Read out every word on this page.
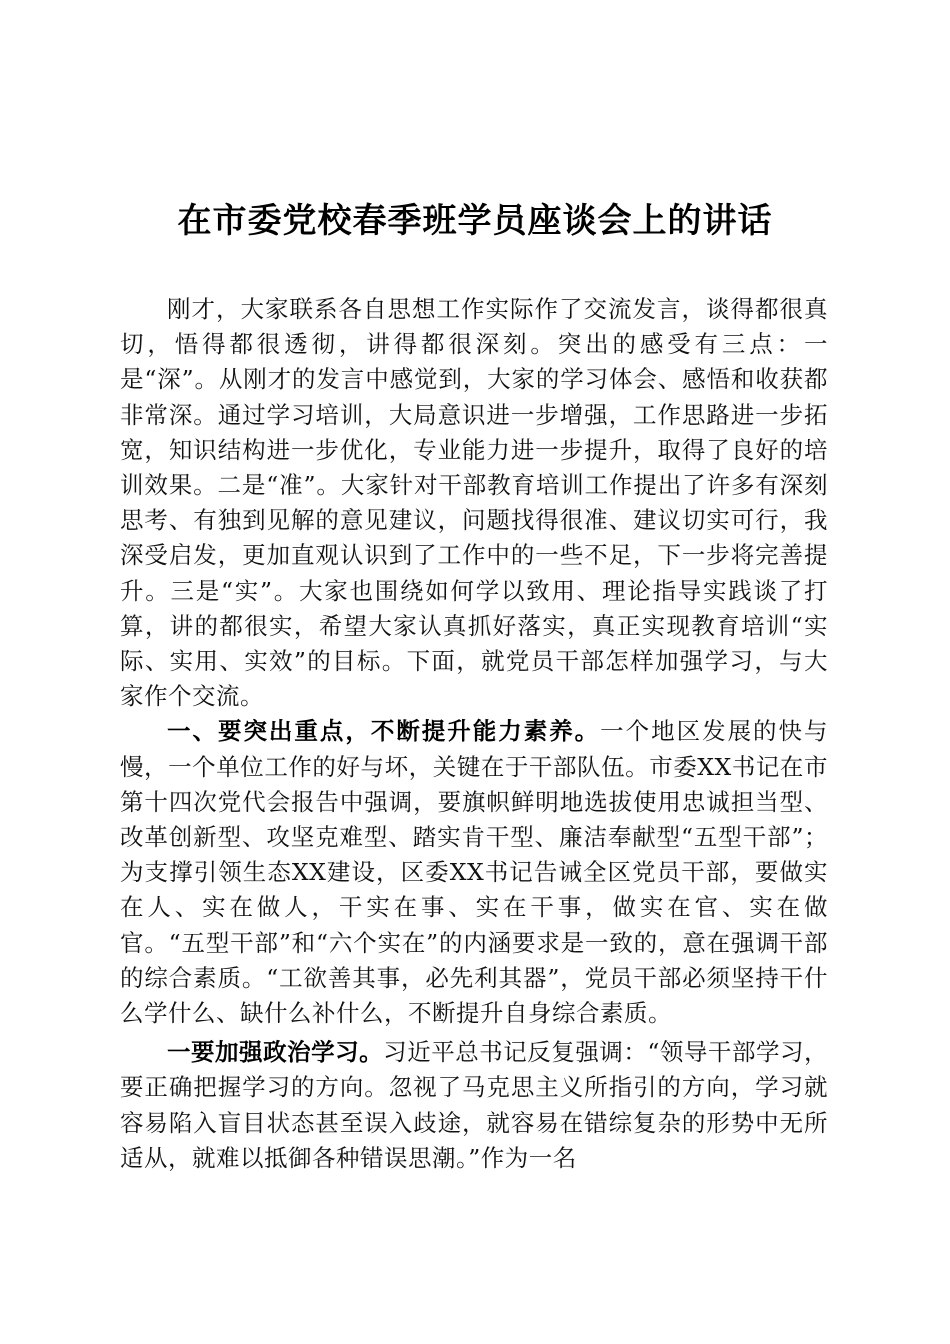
在市委党校春季班学员座谈会上的讲话

刚才，大家联系各自思想工作实际作了交流发言，谈得都很真切，悟得都很透彻，讲得都很深刻。突出的感受有三点：一是“深”。从刚才的发言中感觉到，大家的学习体会、感悟和收获都非常深。通过学习培训，大局意识进一步增强，工作思路进一步拓宽，知识结构进一步优化，专业能力进一步提升，取得了良好的培训效果。二是“准”。大家针对干部教育培训工作提出了许多有深刻思考、有独到见解的意见建议，问题找得很准、建议切实可行，我深受启发，更加直观认识到了工作中的一些不足，下一步将完善提升。三是“实”。大家也围绕如何学以致用、理论指导实践谈了打算，讲的都很实，希望大家认真抓好落实，真正实现教育培训“实际、实用、实效”的目标。下面，就党员干部怎样加强学习，与大家作个交流。

一、要突出重点，不断提升能力素养。一个地区发展的快与慢，一个单位工作的好与坏，关键在于干部队伍。市委XX书记在市第十四次党代会报告中强调，要旗帜鲜明地选拔使用忠诚担当型、改革创新型、攻坚克难型、踏实肯干型、廉洁奉献型“五型干部”；为支撑引领生态XX建设，区委XX书记告诫全区党员干部，要做实在人、实在做人，干实在事、实在干事，做实在官、实在做官。“五型干部”和“六个实在”的内涵要求是一致的，意在强调干部的综合素质。“工欲善其事，必先利其器”，党员干部必须坚持干什么学什么、缺什么补什么，不断提升自身综合素质。

一要加强政治学习。习近平总书记反复强调：“领导干部学习，要正确把握学习的方向。忽视了马克思主义所指引的方向，学习就容易陷入盲目状态甚至误入歧途，就容易在错综复杂的形势中无所适从，就难以抵御各种错误思潮。”作为一名
